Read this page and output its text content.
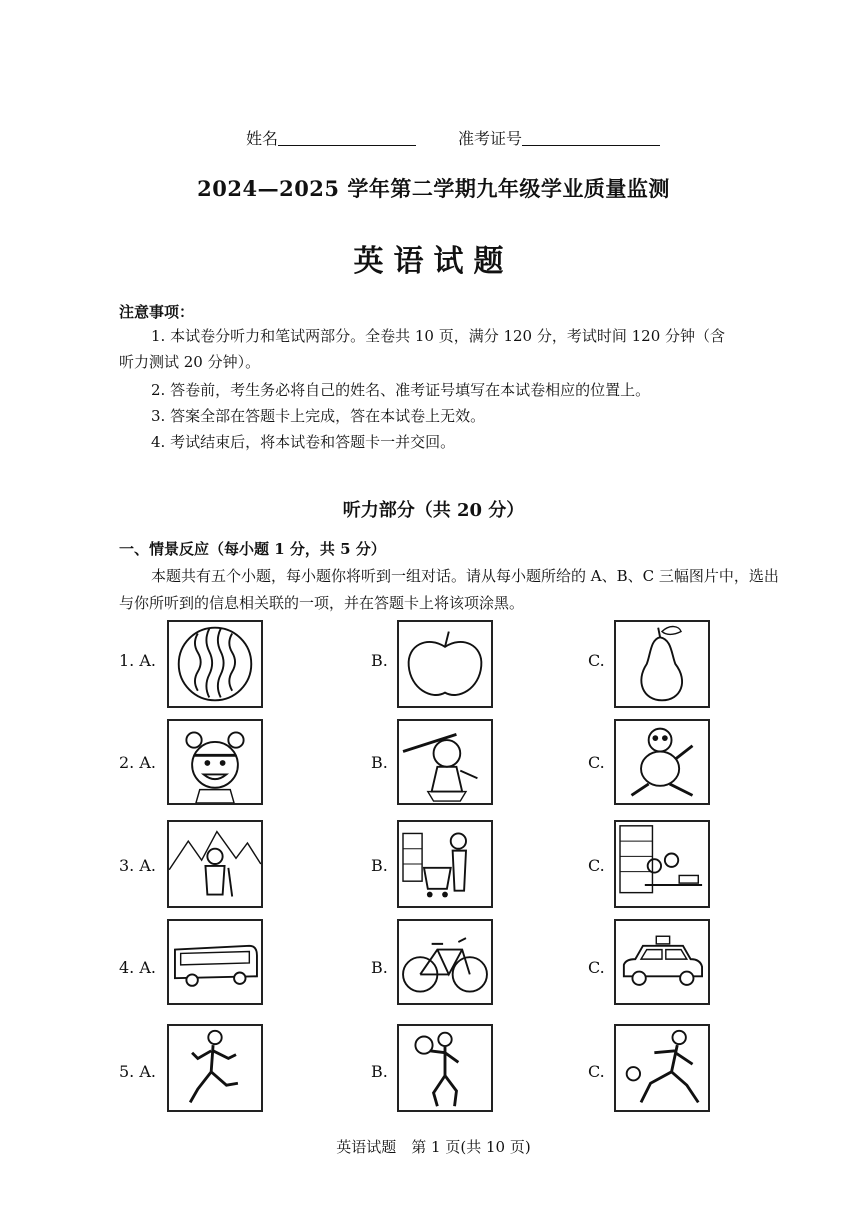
姓名	准考证号
2024—2025 学年第二学期九年级学业质量监测
英语试题
注意事项：
1. 本试卷分听力和笔试两部分。全卷共 10 页，满分 120 分，考试时间 120 分钟（含
听力测试 20 分钟）。
2. 答卷前，考生务必将自己的姓名、准考证号填写在本试卷相应的位置上。
3. 答案全部在答题卡上完成，答在本试卷上无效。
4. 考试结束后，将本试卷和答题卡一并交回。
听力部分（共 20 分）
一、情景反应（每小题 1 分，共 5 分）
本题共有五个小题，每小题你将听到一组对话。请从每小题所给的 A、B、C 三幅图片中，选出与你所听到的信息相关联的一项，并在答题卡上将该项涂黑。
1. A.	B.	C.
2. A.	B.	C.
3. A.	B.	C.
4. A.	B.	C.
5. A.	B.	C.
英语试题　第 1 页(共 10 页)
